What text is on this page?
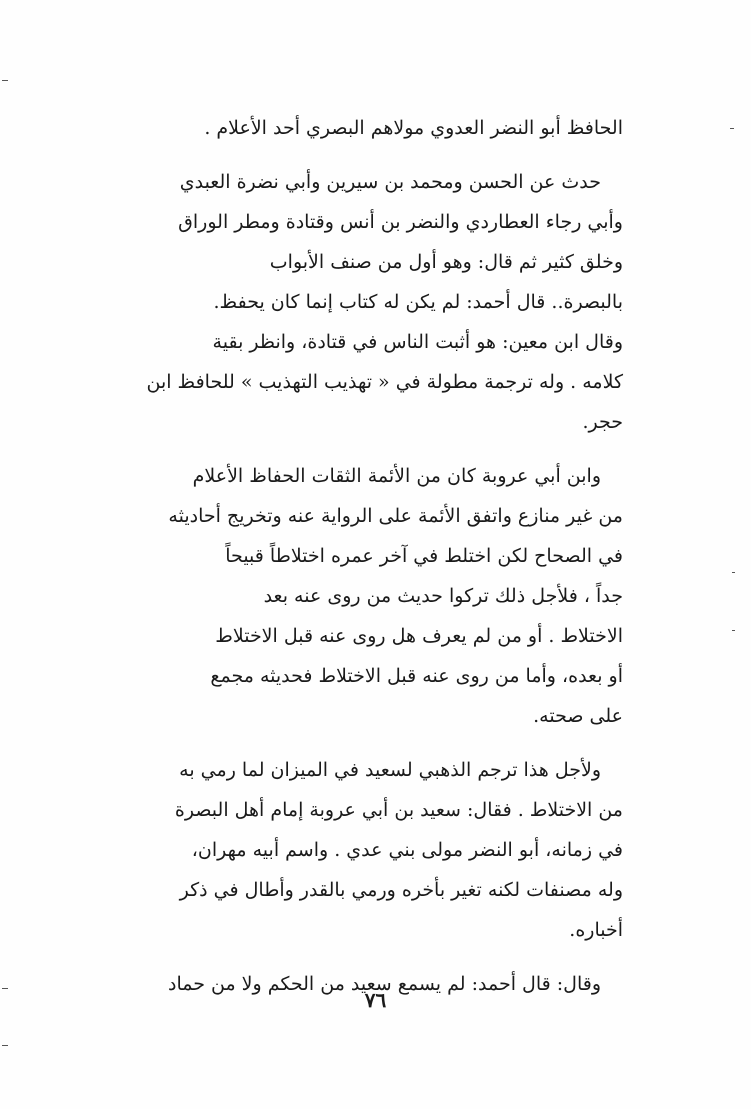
الحافظ أبو النضر العدوي مولاهم البصري أحد الأعلام .

حدث عن الحسن ومحمد بن سيرين وأبي نضرة العبدي
وأبي رجاء العطاردي والنضر بن أنس وقتادة ومطر الوراق
وخلق كثير ثم قال: وهو أول من صنف الأبواب
بالبصرة.. قال أحمد: لم يكن له كتاب إنما كان يحفظ.
وقال ابن معين: هو أثبت الناس في قتادة، وانظر بقية
كلامه . وله ترجمة مطولة في « تهذيب التهذيب » للحافظ ابن
حجر.

وابن أبي عروبة كان من الأئمة الثقات الحفاظ الأعلام
من غير منازع واتفق الأئمة على الرواية عنه وتخريج أحاديثه
في الصحاح لكن اختلط في آخر عمره اختلاطاً قبيحاً
جداً ، فلأجل ذلك تركوا حديث من روى عنه بعد
الاختلاط . أو من لم يعرف هل روى عنه قبل الاختلاط
أو بعده، وأما من روى عنه قبل الاختلاط فحديثه مجمع
على صحته.

ولأجل هذا ترجم الذهبي لسعيد في الميزان لما رمي به
من الاختلاط . فقال: سعيد بن أبي عروبة إمام أهل البصرة
في زمانه، أبو النضر مولى بني عدي . واسم أبيه مهران،
وله مصنفات لكنه تغير بأخره ورمي بالقدر وأطال في ذكر
أخباره.

وقال: قال أحمد: لم يسمع سعيد من الحكم ولا من حماد

٧٦
